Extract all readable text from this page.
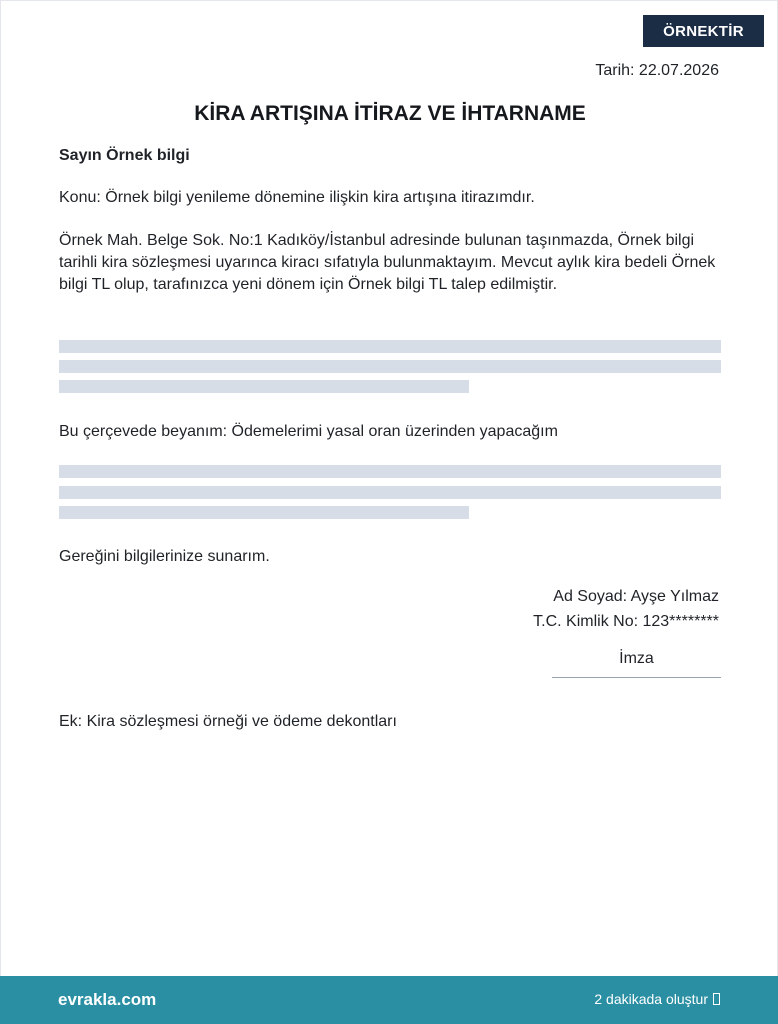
ÖRNEKTİR
Tarih: 22.07.2026
KİRA ARTIŞINA İTİRAZ VE İHTARNAME
Sayın Örnek bilgi
Konu: Örnek bilgi yenileme dönemine ilişkin kira artışına itirazımdır.
Örnek Mah. Belge Sok. No:1 Kadıköy/İstanbul adresinde bulunan taşınmazda, Örnek bilgi tarihli kira sözleşmesi uyarınca kiracı sıfatıyla bulunmaktayım. Mevcut aylık kira bedeli Örnek bilgi TL olup, tarafınızca yeni dönem için Örnek bilgi TL talep edilmiştir.
Bu çerçevede beyanım: Ödemelerimi yasal oran üzerinden yapacağım
Gereğini bilgilerinize sunarım.
Ad Soyad: Ayşe Yılmaz
T.C. Kimlik No: 123********
İmza
Ek: Kira sözleşmesi örneği ve ödeme dekontları
evrakla.com	2 dakikada oluştur
